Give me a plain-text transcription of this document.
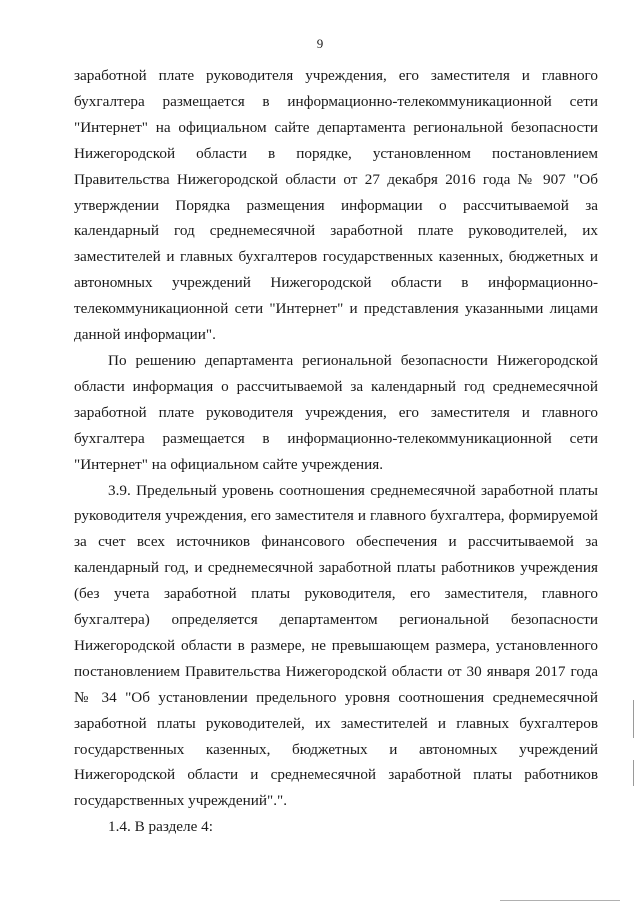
9
заработной плате руководителя учреждения, его заместителя и главного
бухгалтера размещается в информационно-телекоммуникационной сети
"Интернет" на официальном сайте департамента региональной безопасности
Нижегородской области в порядке, установленном постановлением
Правительства Нижегородской области от 27 декабря 2016 года № 907 "Об
утверждении Порядка размещения информации о рассчитываемой за
календарный год среднемесячной заработной плате руководителей, их
заместителей и главных бухгалтеров государственных казенных, бюджетных и
автономных учреждений Нижегородской области в информационно-
телекоммуникационной сети "Интернет" и представления указанными лицами
данной информации".
По решению департамента региональной безопасности Нижегородской
области информация о рассчитываемой за календарный год среднемесячной
заработной плате руководителя учреждения, его заместителя и главного
бухгалтера размещается в информационно-телекоммуникационной сети
"Интернет" на официальном сайте учреждения.
3.9. Предельный уровень соотношения среднемесячной заработной платы
руководителя учреждения, его заместителя и главного бухгалтера, формируемой
за счет всех источников финансового обеспечения и рассчитываемой за
календарный год, и среднемесячной заработной платы работников учреждения
(без учета заработной платы руководителя, его заместителя, главного
бухгалтера) определяется департаментом региональной безопасности
Нижегородской области в размере, не превышающем размера, установленного
постановлением Правительства Нижегородской области от 30 января 2017 года
№ 34 "Об установлении предельного уровня соотношения среднемесячной
заработной платы руководителей, их заместителей и главных бухгалтеров
государственных казенных, бюджетных и автономных учреждений
Нижегородской области и среднемесячной заработной платы работников
государственных учреждений".".
1.4. В разделе 4:
